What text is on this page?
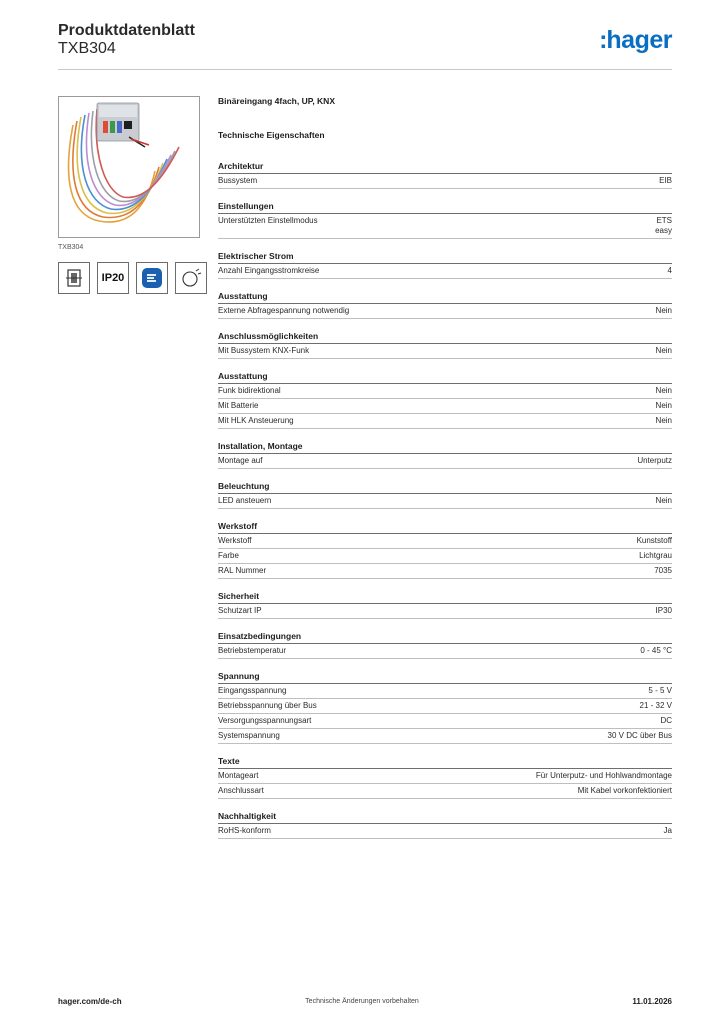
Produktdatenblatt
TXB304	:hager
TXB304
IP20
Binäreingang 4fach, UP, KNX
Technische Eigenschaften
Architektur
Bussystem	EIB
Einstellungen
Unterstützten Einstellmodus	ETS
easy
Elektrischer Strom
Anzahl Eingangsstromkreise	4
Ausstattung
Externe Abfragespannung notwendig	Nein
Anschlussmöglichkeiten
Mit Bussystem KNX-Funk	Nein
Ausstattung
Funk bidirektional	Nein
Mit Batterie	Nein
Mit HLK Ansteuerung	Nein
Installation, Montage
Montage auf	Unterputz
Beleuchtung
LED ansteuern	Nein
Werkstoff
Werkstoff	Kunststoff
Farbe	Lichtgrau
RAL Nummer	7035
Sicherheit
Schutzart IP	IP30
Einsatzbedingungen
Betriebstemperatur	0 - 45 °C
Spannung
Eingangsspannung	5 - 5 V
Betriebsspannung über Bus	21 - 32 V
Versorgungsspannungsart	DC
Systemspannung	30 V DC über Bus
Texte
Montageart	Für Unterputz- und Hohlwandmontage
Anschlussart	Mit Kabel vorkonfektioniert
Nachhaltigkeit
RoHS-konform	Ja
hager.com/de-ch	Technische Änderungen vorbehalten	11.01.2026
